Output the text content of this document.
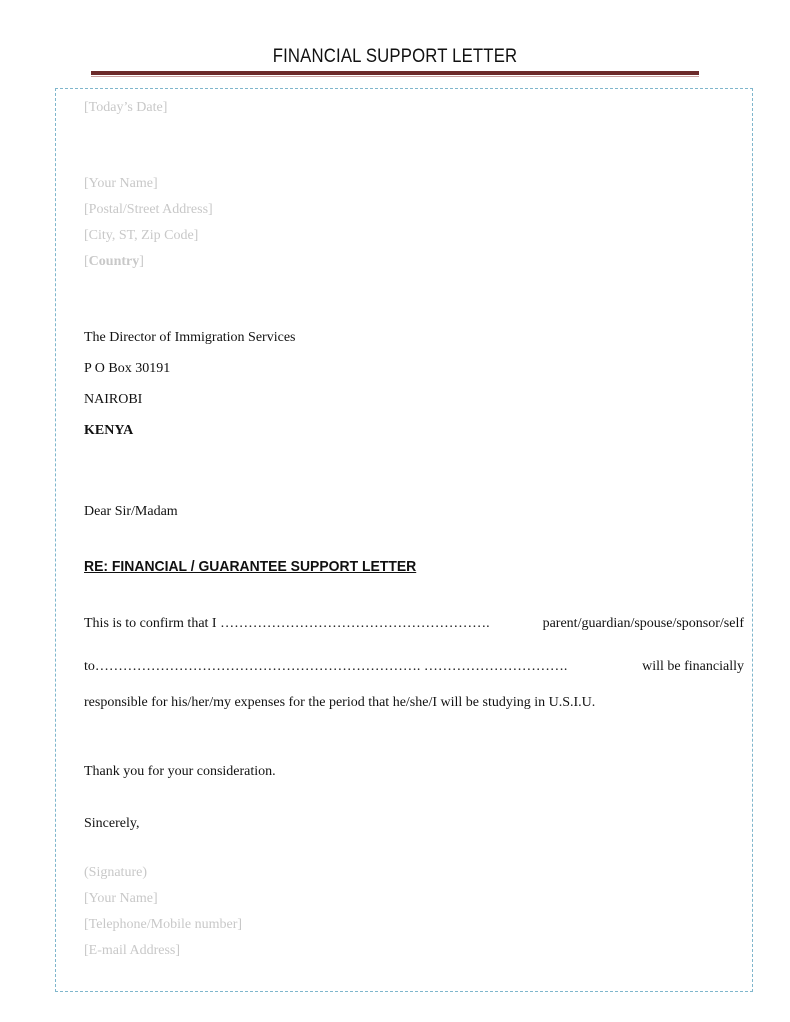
FINANCIAL SUPPORT LETTER
[Today’s Date]
[Your Name]
[Postal/Street Address]
[City, ST, Zip Code]
[Country]
The Director of Immigration Services
P O Box 30191
NAIROBI
KENYA
Dear Sir/Madam
RE: FINANCIAL / GUARANTEE SUPPORT LETTER
This is to confirm that I ………………………………………………….	parent/guardian/spouse/sponsor/self
to……………………………………………………………. ………………………….	will be financially
responsible for his/her/my expenses for the period that he/she/I will be studying in U.S.I.U.
Thank you for your consideration.
Sincerely,
(Signature)
[Your Name]
[Telephone/Mobile number]
[E-mail Address]
